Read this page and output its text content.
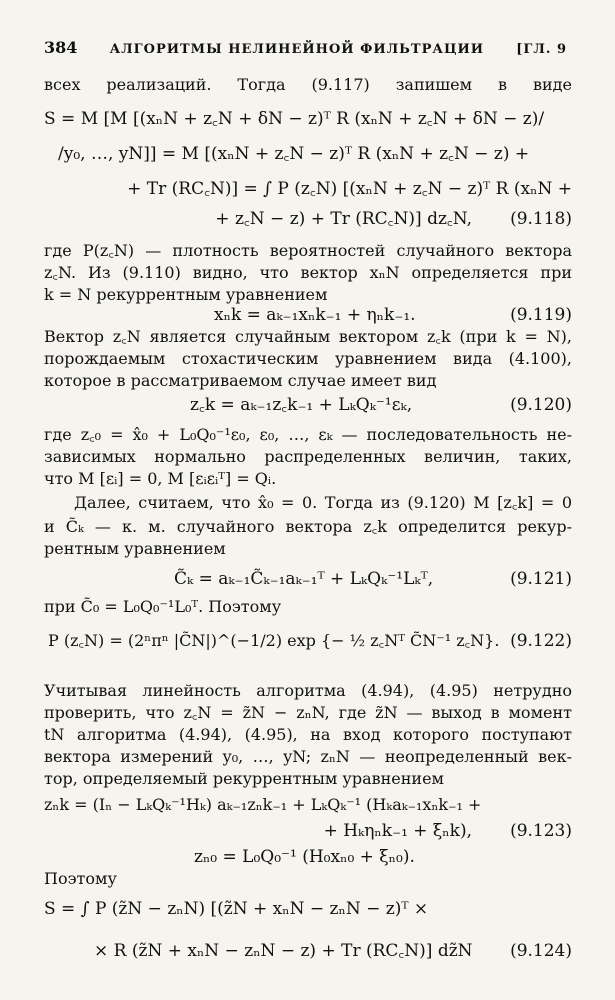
384	АЛГОРИТМЫ НЕЛИНЕЙНОЙ ФИЛЬТРАЦИИ	[ГЛ. 9
всех реализаций. Тогда (9.117) запишем в виде
S = M [M [(xₙN + z꜀N + δN − z)ᵀ R (xₙN + z꜀N + δN − z)/
/y₀, …, yN]] = M [(xₙN + z꜀N − z)ᵀ R (xₙN + z꜀N − z) +
+ Tr (RC꜀N)] = ∫ P (z꜀N) [(xₙN + z꜀N − z)ᵀ R (xₙN +
+ z꜀N − z) + Tr (RC꜀N)] dz꜀N, (9.118)
где P(z꜀N) — плотность вероятностей случайного вектора
z꜀N. Из (9.110) видно, что вектор xₙN определяется при
k = N рекуррентным уравнением
xₙk = aₖ₋₁xₙk₋₁ + ηₙk₋₁.	(9.119)
Вектор z꜀N является случайным вектором z꜀k (при k = N),
порождаемым стохастическим уравнением вида (4.100),
которое в рассматриваемом случае имеет вид
z꜀k = aₖ₋₁z꜀k₋₁ + LₖQₖ⁻¹εₖ,	(9.120)
где z꜀₀ = x̂₀ + L₀Q₀⁻¹ε₀, ε₀, …, εₖ — последовательность не-
зависимых нормально распределенных величин, таких,
что M [εᵢ] = 0, M [εᵢεᵢᵀ] = Qᵢ.
Далее, считаем, что x̂₀ = 0. Тогда из (9.120) M [z꜀k] = 0
и C̃ₖ — к. м. случайного вектора z꜀k определится рекур-
рентным уравнением
C̃ₖ = aₖ₋₁C̃ₖ₋₁aₖ₋₁ᵀ + LₖQₖ⁻¹Lₖᵀ,	(9.121)
при C̃₀ = L₀Q₀⁻¹L₀ᵀ. Поэтому
P (z꜀N) = (2ⁿπⁿ |C̃N|)^(−1/2) exp {− ½ z꜀Nᵀ C̃N⁻¹ z꜀N}. (9.122)
Учитывая линейность алгоритма (4.94), (4.95) нетрудно
проверить, что z꜀N = z̃N − zₙN, где z̃N — выход в момент
tN алгоритма (4.94), (4.95), на вход которого поступают
вектора измерений y₀, …, yN; zₙN — неопределенный век-
тор, определяемый рекуррентным уравнением
zₙk = (Iₙ − LₖQₖ⁻¹Hₖ) aₖ₋₁zₙk₋₁ + LₖQₖ⁻¹ (Hₖaₖ₋₁xₙk₋₁ +
+ Hₖηₙk₋₁ + ξₙk), (9.123)
zₙ₀ = L₀Q₀⁻¹ (H₀xₙ₀ + ξₙ₀).
Поэтому
S = ∫ P (z̃N − zₙN) [(z̃N + xₙN − zₙN − z)ᵀ ×
× R (z̃N + xₙN − zₙN − z) + Tr (RC꜀N)] dz̃N (9.124)
